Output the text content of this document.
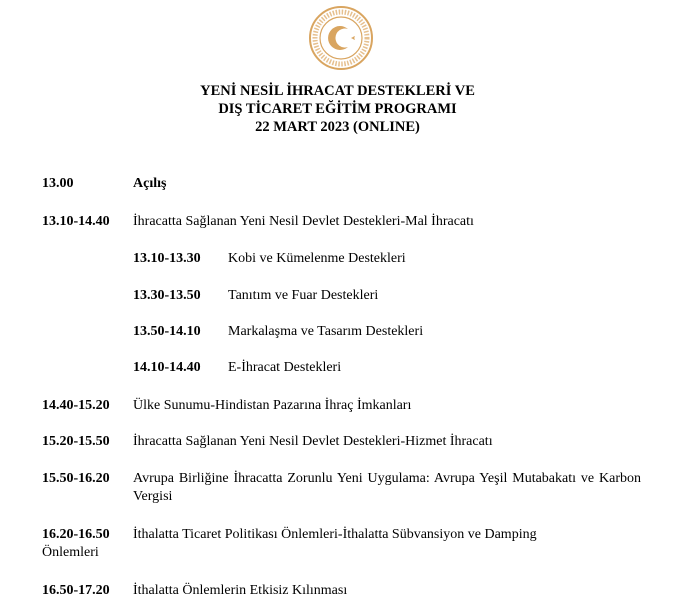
YENİ NESİL İHRACAT DESTEKLERİ VE
DIŞ TİCARET EĞİTİM PROGRAMI
22 MART 2023 (ONLINE)
13.00	Açılış
13.10-14.40 İhracatta Sağlanan Yeni Nesil Devlet Destekleri-Mal İhracatı
13.10-13.30 Kobi ve Kümelenme Destekleri
13.30-13.50 Tanıtım ve Fuar Destekleri
13.50-14.10 Markalaşma ve Tasarım Destekleri
14.10-14.40 E-İhracat Destekleri
14.40-15.20 Ülke Sunumu-Hindistan Pazarına İhraç İmkanları
15.20-15.50 İhracatta Sağlanan Yeni Nesil Devlet Destekleri-Hizmet İhracatı
15.50-16.20 Avrupa Birliğine İhracatta Zorunlu Yeni Uygulama: Avrupa Yeşil Mutabakatı ve Karbon Vergisi
16.20-16.50 İthalatta Ticaret Politikası Önlemleri-İthalatta Sübvansiyon ve Damping
Önlemleri
16.50-17.20 İthalatta Önlemlerin Etkisiz Kılınması
